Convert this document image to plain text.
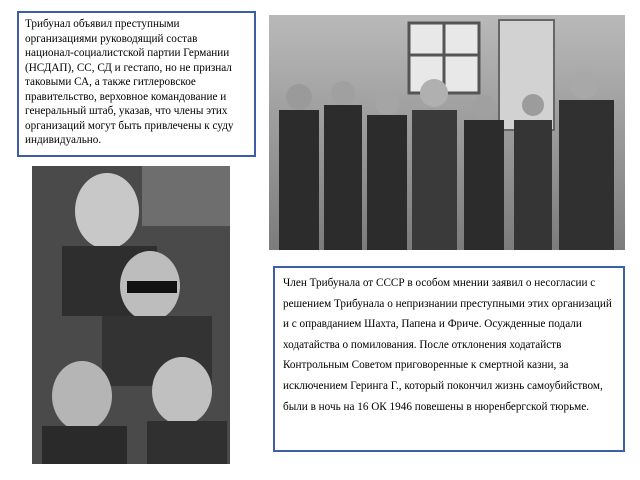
Трибунал объявил преступными организациями руководящий состав национал-социалистской партии Германии (НСДАП), СС, СД и гестапо, но не признал таковыми СА, а также гитлеровское правительство, верховное командование и генеральный штаб, указав, что члены этих организаций могут быть привлечены к суду индивидуально.
Член Трибунала от СССР в особом мнении заявил о несогласии с решением Трибунала о непризнании преступными этих организаций и с оправданием Шахта, Папена и Фриче. Осужденные подали ходатайства о помилования. После отклонения ходатайств Контрольным Советом приговоренные к смертной казни, за исключением Геринга Г., который покончил жизнь самоубийством, были в ночь на 16 ОК 1946 повешены в нюренбергской тюрьме.
